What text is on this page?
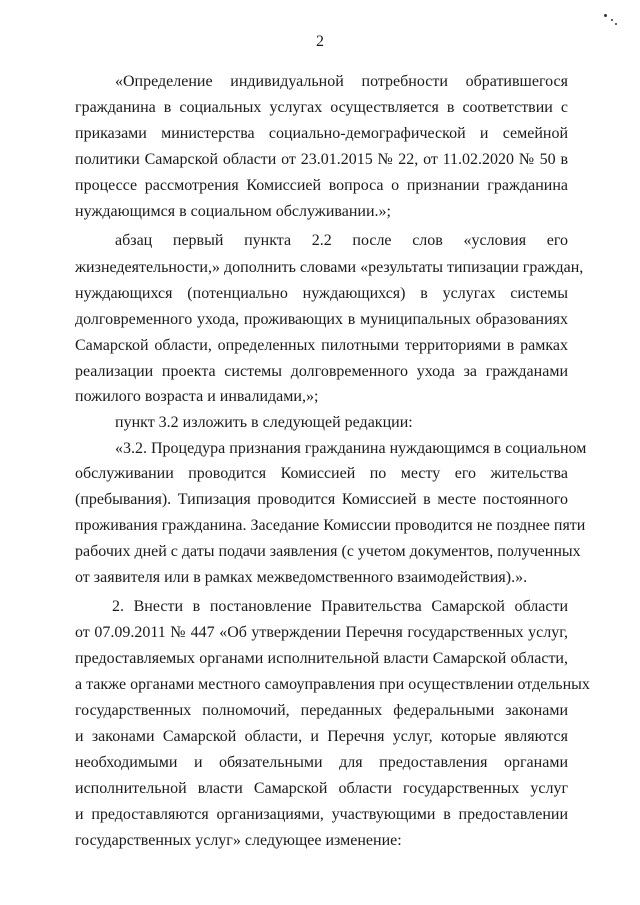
2
«Определение индивидуальной потребности обратившегося
гражданина в социальных услугах осуществляется в соответствии с
приказами министерства социально-демографической и семейной
политики Самарской области от 23.01.2015 № 22, от 11.02.2020 № 50 в
процессе рассмотрения Комиссией вопроса о признании гражданина
нуждающимся в социальном обслуживании.»;
абзац первый пункта 2.2 после слов «условия его
жизнедеятельности,» дополнить словами «результаты типизации граждан,
нуждающихся (потенциально нуждающихся) в услугах системы
долговременного ухода, проживающих в муниципальных образованиях
Самарской области, определенных пилотными территориями в рамках
реализации проекта системы долговременного ухода за гражданами
пожилого возраста и инвалидами,»;
пункт 3.2 изложить в следующей редакции:
«3.2. Процедура признания гражданина нуждающимся в социальном
обслуживании проводится Комиссией по месту его жительства
(пребывания). Типизация проводится Комиссией в месте постоянного
проживания гражданина. Заседание Комиссии проводится не позднее пяти
рабочих дней с даты подачи заявления (с учетом документов, полученных
от заявителя или в рамках межведомственного взаимодействия).».
2. Внести в постановление Правительства Самарской области
от 07.09.2011 № 447 «Об утверждении Перечня государственных услуг,
предоставляемых органами исполнительной власти Самарской области,
а также органами местного самоуправления при осуществлении отдельных
государственных полномочий, переданных федеральными законами
и законами Самарской области, и Перечня услуг, которые являются
необходимыми и обязательными для предоставления органами
исполнительной власти Самарской области государственных услуг
и предоставляются организациями, участвующими в предоставлении
государственных услуг» следующее изменение:
